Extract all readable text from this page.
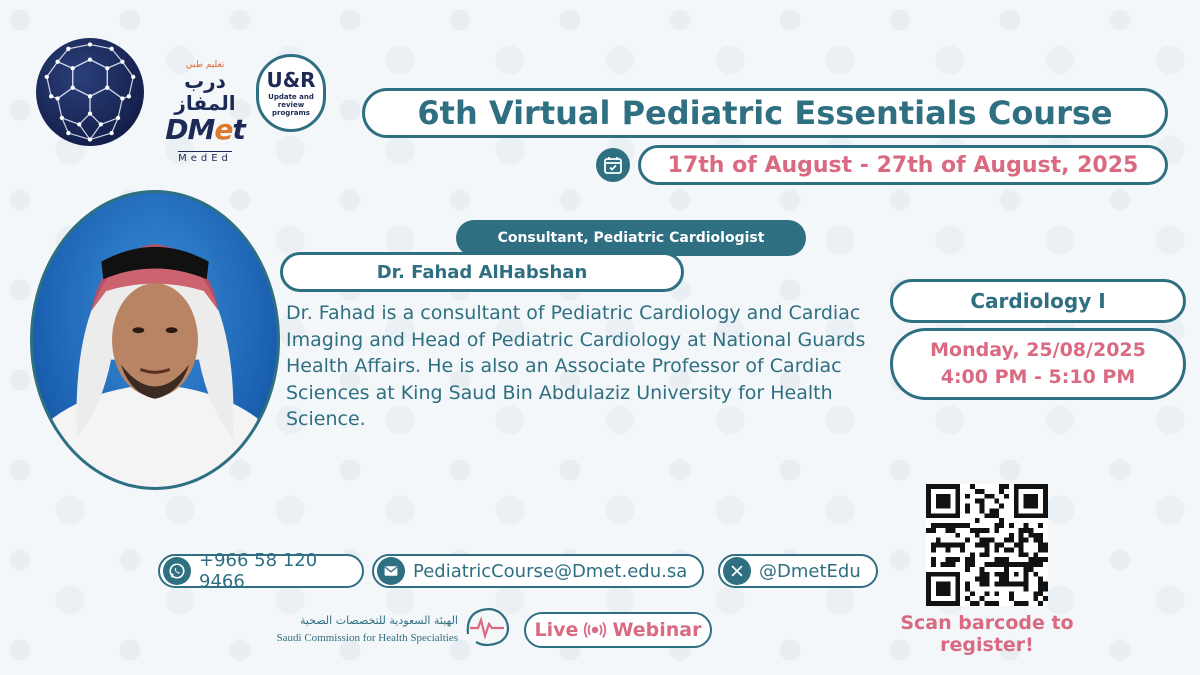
تعليم طبي
درب المفاز
DMet
MedEd
U&R
Update and review programs	6th Virtual Pediatric Essentials Course
17th of August - 27th of August, 2025
Consultant, Pediatric Cardiologist
Dr. Fahad AlHabshan
Dr. Fahad is a consultant of Pediatric Cardiology and Cardiac Imaging and Head of Pediatric Cardiology at National Guards Health Affairs. He is also an Associate Professor of Cardiac Sciences at King Saud Bin Abdulaziz University for Health Science.
Cardiology I
Monday, 25/08/2025
4:00 PM - 5:10 PM
Scan barcode to register!
+966 58 120 9466	PediatricCourse@Dmet.edu.sa	@DmetEdu
الهيئة السعودية للتخصصات الصحية
Saudi Commission for Health Specialties	Live Webinar
